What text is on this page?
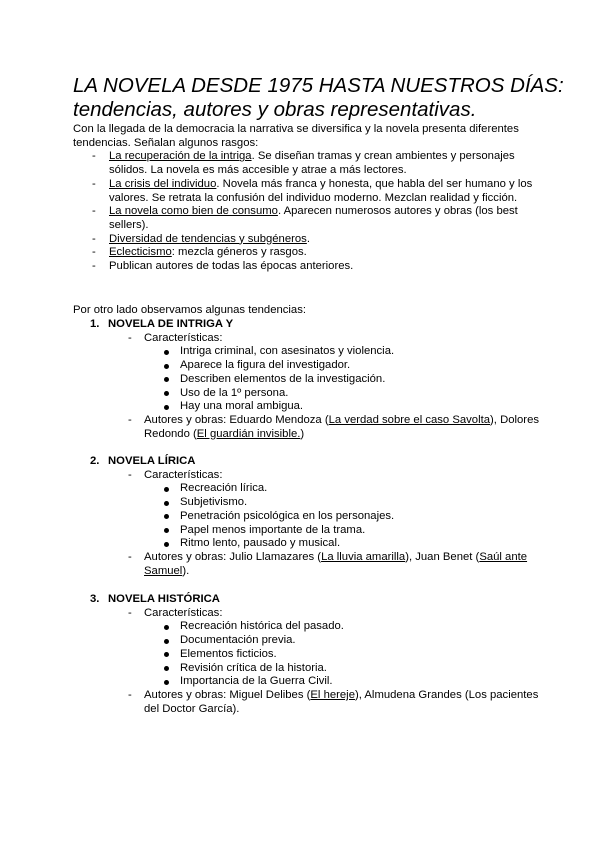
LA NOVELA DESDE 1975 HASTA NUESTROS DÍAS: tendencias, autores y obras representativas.
Con la llegada de la democracia la narrativa se diversifica y la novela presenta diferentes tendencias. Señalan algunos rasgos:
- La recuperación de la intriga. Se diseñan tramas y crean ambientes y personajes sólidos. La novela es más accesible y atrae a más lectores.
- La crisis del individuo. Novela más franca y honesta, que habla del ser humano y los valores. Se retrata la confusión del individuo moderno. Mezclan realidad y ficción.
- La novela como bien de consumo. Aparecen numerosos autores y obras (los best sellers).
- Diversidad de tendencias y subgéneros.
- Eclecticismo: mezcla géneros y rasgos.
- Publican autores de todas las épocas anteriores.
Por otro lado observamos algunas tendencias:
1. NOVELA DE INTRIGA Y
- Características:
Intriga criminal, con asesinatos y violencia.
Aparece la figura del investigador.
Describen elementos de la investigación.
Uso de la 1º persona.
Hay una moral ambigua.
- Autores y obras: Eduardo Mendoza (La verdad sobre el caso Savolta), Dolores Redondo (El guardián invisible.)
2. NOVELA LÍRICA
- Características:
Recreación lírica.
Subjetivismo.
Penetración psicológica en los personajes.
Papel menos importante de la trama.
Ritmo lento, pausado y musical.
- Autores y obras: Julio Llamazares (La lluvia amarilla), Juan Benet (Saúl ante Samuel).
3. NOVELA HISTÓRICA
- Características:
Recreación histórica del pasado.
Documentación previa.
Elementos ficticios.
Revisión crítica de la historia.
Importancia de la Guerra Civil.
- Autores y obras: Miguel Delibes (El hereje), Almudena Grandes (Los pacientes del Doctor García).
